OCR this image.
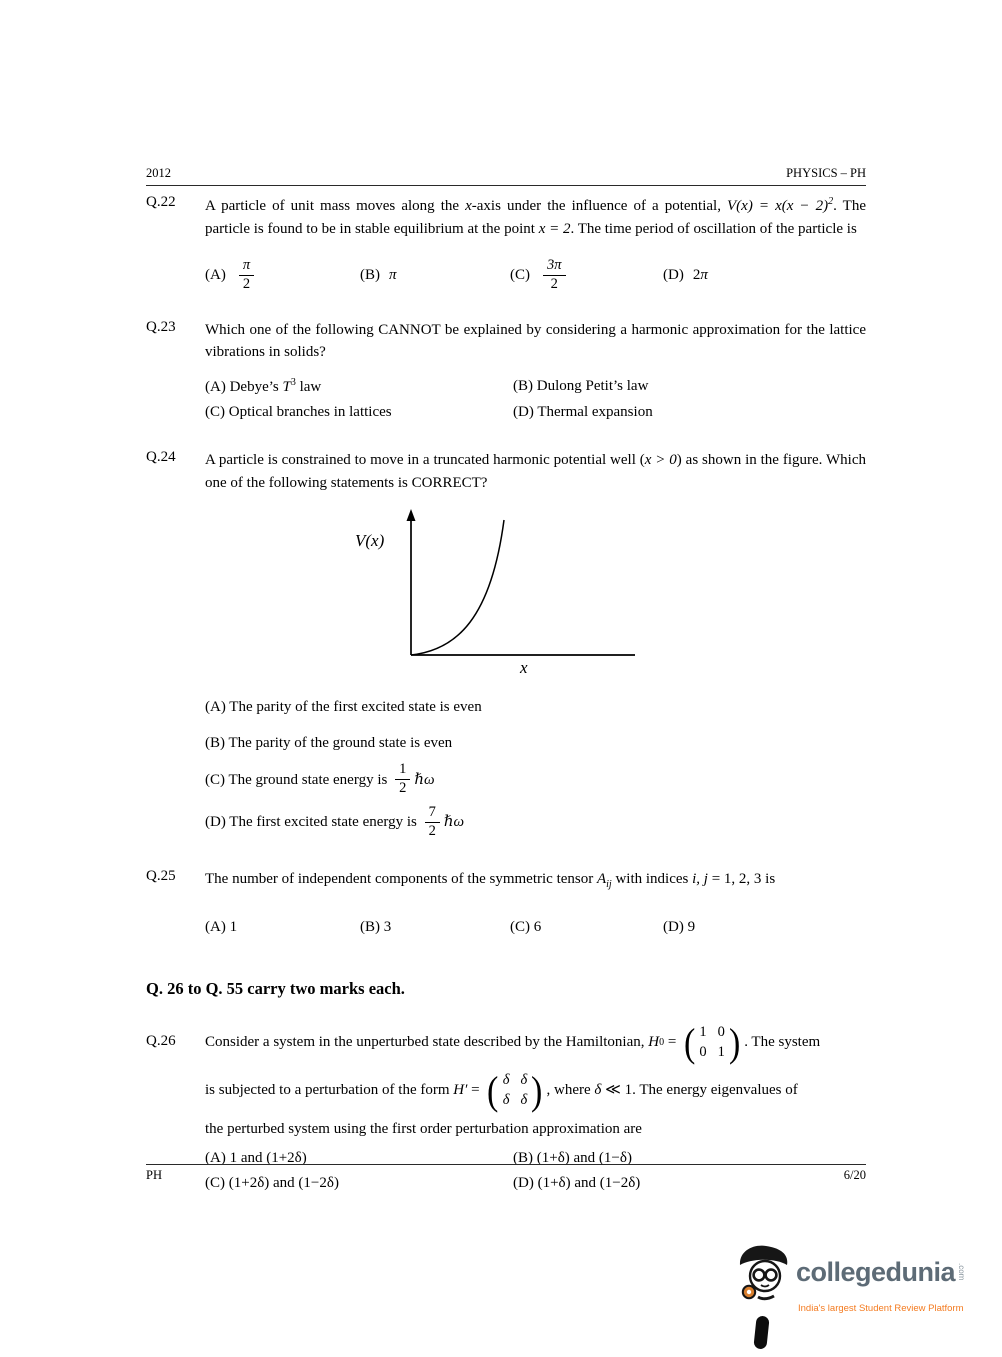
2012	PHYSICS – PH
Q.22	A particle of unit mass moves along the x-axis under the influence of a potential, $V(x) = x(x - 2)^2$. The particle is found to be in stable equilibrium at the point x = 2. The time period of oscillation of the particle is

$(A) \frac{\pi}{2}$	(B) π	$(C) \frac{3\pi}{2}$	(D) 2 π
Q.23	Which one of the following CANNOT be explained by considering a harmonic approximation for the lattice vibrations in solids?

(A) Debye’s $T^3$ law	(B) Dulong Petit’s law
(C) Optical branches in lattices	(D) Thermal expansion
Q.24	A particle is constrained to move in a truncated harmonic potential well (x > 0) as shown in the figure. Which one of the following statements is CORRECT?

V(x)
x
(A) The parity of the first excited state is even
(B) The parity of the ground state is even
(C) The ground state energy is $\frac{1}{2}$ ℏω
(D) The first excited state energy is $\frac{7}{2}$ ℏω
Q.25	The number of independent components of the symmetric tensor $A_{ij}$ with indices i, j = 1, 2, 3 is

(A) 1	(B) 3	(C) 6	(D) 9
Q. 26 to Q. 55 carry two marks each.
Q.26	Consider a system in the unperturbed state described by the Hamiltonian, H 0 = ( 1 0
0 1 ) . The system
is subjected to a perturbation of the form H′ = ( δ δ
δ δ ) , where δ ≪ 1. The energy eigenvalues of
the perturbed system using the first order perturbation approximation are
(A) 1 and (1+2δ)	(B) (1+δ) and (1−δ)
(C) (1+2δ) and (1−2δ)	(D) (1+δ) and (1−2δ)
PH	6/20
collegedunia .com
India's largest Student Review Platform
